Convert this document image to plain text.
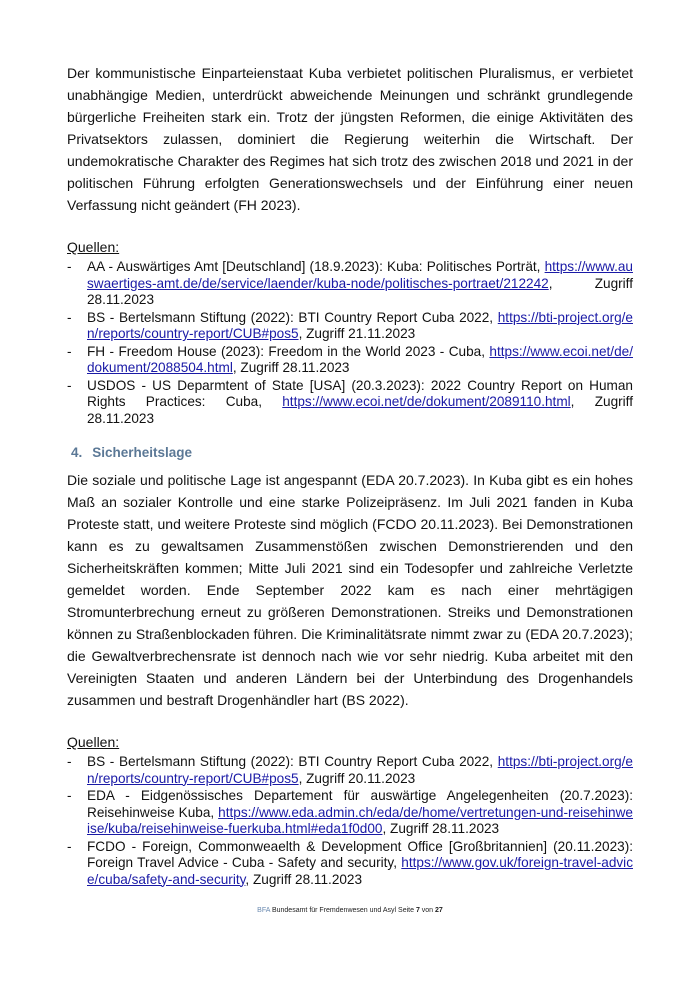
Der kommunistische Einparteienstaat Kuba verbietet politischen Pluralismus, er verbietet unabhängige Medien, unterdrückt abweichende Meinungen und schränkt grundlegende bürgerliche Freiheiten stark ein. Trotz der jüngsten Reformen, die einige Aktivitäten des Privatsektors zulassen, dominiert die Regierung weiterhin die Wirtschaft. Der undemokratische Charakter des Regimes hat sich trotz des zwischen 2018 und 2021 in der politischen Führung erfolgten Generationswechsels und der Einführung einer neuen Verfassung nicht geändert (FH 2023).

Quellen:
- AA - Auswärtiges Amt [Deutschland] (18.9.2023): Kuba: Politisches Porträt, https://www.auswaertiges-amt.de/de/service/laender/kuba-node/politisches-portraet/212242, Zugriff 28.11.2023
- BS - Bertelsmann Stiftung (2022): BTI Country Report Cuba 2022, https://bti-project.org/en/reports/country-report/CUB#pos5, Zugriff 21.11.2023
- FH - Freedom House (2023): Freedom in the World 2023 - Cuba, https://www.ecoi.net/de/dokument/2088504.html, Zugriff 28.11.2023
- USDOS - US Deparmtent of State [USA] (20.3.2023): 2022 Country Report on Human Rights Practices: Cuba, https://www.ecoi.net/de/dokument/2089110.html, Zugriff 28.11.2023
4. Sicherheitslage

Die soziale und politische Lage ist angespannt (EDA 20.7.2023). In Kuba gibt es ein hohes Maß an sozialer Kontrolle und eine starke Polizeipräsenz. Im Juli 2021 fanden in Kuba Proteste statt, und weitere Proteste sind möglich (FCDO 20.11.2023). Bei Demonstrationen kann es zu gewaltsamen Zusammenstößen zwischen Demonstrierenden und den Sicherheitskräften kommen; Mitte Juli 2021 sind ein Todesopfer und zahlreiche Verletzte gemeldet worden. Ende September 2022 kam es nach einer mehrtägigen Stromunterbrechung erneut zu größeren Demonstrationen. Streiks und Demonstrationen können zu Straßenblockaden führen. Die Kriminalitätsrate nimmt zwar zu (EDA 20.7.2023); die Gewaltverbrechensrate ist dennoch nach wie vor sehr niedrig. Kuba arbeitet mit den Vereinigten Staaten und anderen Ländern bei der Unterbindung des Drogenhandels zusammen und bestraft Drogenhändler hart (BS 2022).

Quellen:
- BS - Bertelsmann Stiftung (2022): BTI Country Report Cuba 2022, https://bti-project.org/en/reports/country-report/CUB#pos5, Zugriff 20.11.2023
- EDA - Eidgenössisches Departement für auswärtige Angelegenheiten (20.7.2023): Reisehinweise Kuba, https://www.eda.admin.ch/eda/de/home/vertretungen-und-reisehinweise/kuba/reisehinweise-fuerkuba.html#eda1f0d00, Zugriff 28.11.2023
- FCDO - Foreign, Commonweaelth & Development Office [Großbritannien] (20.11.2023): Foreign Travel Advice - Cuba - Safety and security, https://www.gov.uk/foreign-travel-advice/cuba/safety-and-security, Zugriff 28.11.2023
BFA Bundesamt für Fremdenwesen und Asyl Seite 7 von 27
